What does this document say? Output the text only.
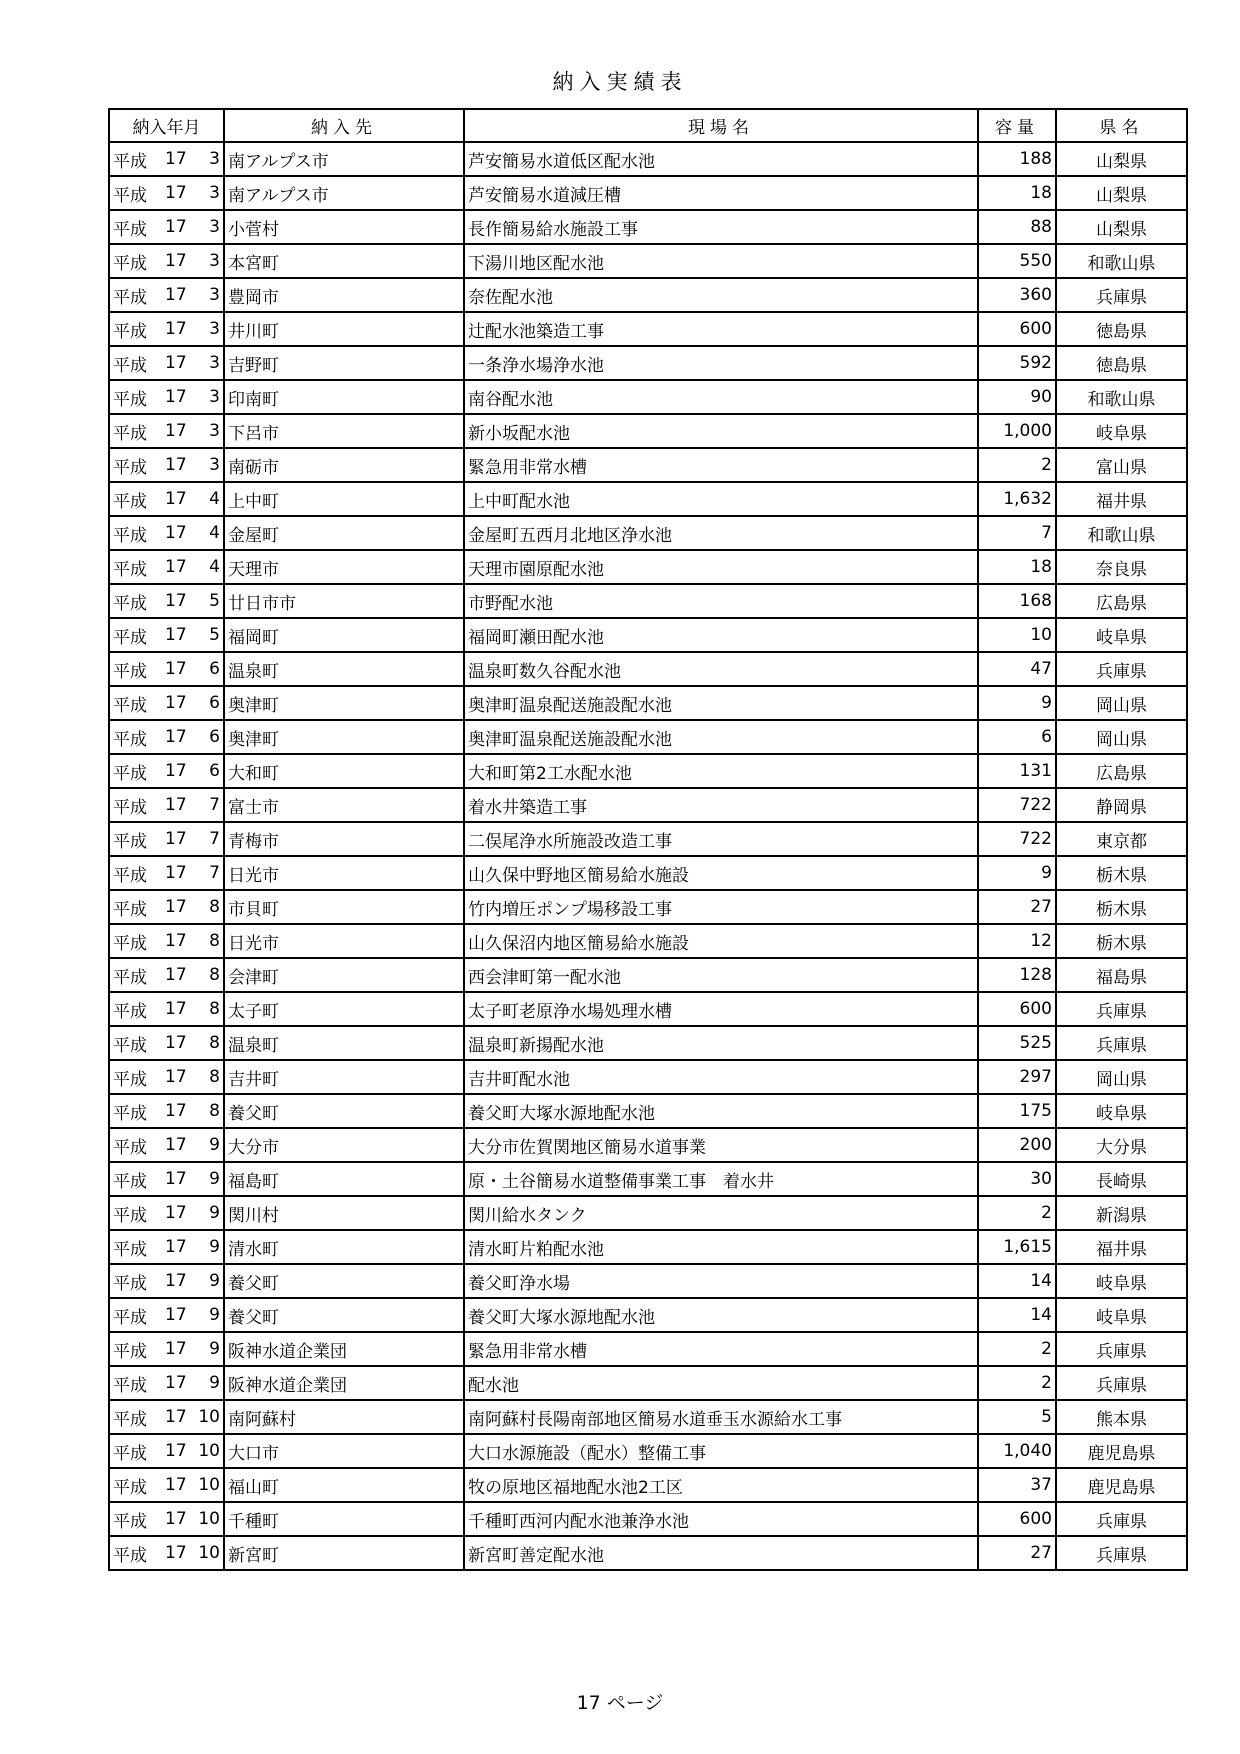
納入実績表
納入年月	納入先	現場名	容量	県名

平成 17 3	南アルプス市	芦安簡易水道低区配水池	188	山梨県

平成 17 3	南アルプス市	芦安簡易水道減圧槽	18	山梨県

平成 17 3	小菅村	長作簡易給水施設工事	88	山梨県

平成 17 3	本宮町	下湯川地区配水池	550	和歌山県

平成 17 3	豊岡市	奈佐配水池	360	兵庫県

平成 17 3	井川町	辻配水池築造工事	600	徳島県

平成 17 3	吉野町	一条浄水場浄水池	592	徳島県

平成 17 3	印南町	南谷配水池	90	和歌山県

平成 17 3	下呂市	新小坂配水池	1,000	岐阜県

平成 17 3	南砺市	緊急用非常水槽	2	富山県

平成 17 4	上中町	上中町配水池	1,632	福井県

平成 17 4	金屋町	金屋町五西月北地区浄水池	7	和歌山県

平成 17 4	天理市	天理市園原配水池	18	奈良県

平成 17 5	廿日市市	市野配水池	168	広島県

平成 17 5	福岡町	福岡町瀬田配水池	10	岐阜県

平成 17 6	温泉町	温泉町数久谷配水池	47	兵庫県

平成 17 6	奥津町	奥津町温泉配送施設配水池	9	岡山県

平成 17 6	奥津町	奥津町温泉配送施設配水池	6	岡山県

平成 17 6	大和町	大和町第2工水配水池	131	広島県

平成 17 7	富士市	着水井築造工事	722	静岡県

平成 17 7	青梅市	二俣尾浄水所施設改造工事	722	東京都

平成 17 7	日光市	山久保中野地区簡易給水施設	9	栃木県

平成 17 8	市貝町	竹内増圧ポンプ場移設工事	27	栃木県

平成 17 8	日光市	山久保沼内地区簡易給水施設	12	栃木県

平成 17 8	会津町	西会津町第一配水池	128	福島県

平成 17 8	太子町	太子町老原浄水場処理水槽	600	兵庫県

平成 17 8	温泉町	温泉町新揚配水池	525	兵庫県

平成 17 8	吉井町	吉井町配水池	297	岡山県

平成 17 8	養父町	養父町大塚水源地配水池	175	岐阜県

平成 17 9	大分市	大分市佐賀関地区簡易水道事業	200	大分県

平成 17 9	福島町	原・土谷簡易水道整備事業工事　着水井	30	長崎県

平成 17 9	関川村	関川給水タンク	2	新潟県

平成 17 9	清水町	清水町片粕配水池	1,615	福井県

平成 17 9	養父町	養父町浄水場	14	岐阜県

平成 17 9	養父町	養父町大塚水源地配水池	14	岐阜県

平成 17 9	阪神水道企業団	緊急用非常水槽	2	兵庫県

平成 17 9	阪神水道企業団	配水池	2	兵庫県

平成 17 10	南阿蘇村	南阿蘇村長陽南部地区簡易水道垂玉水源給水工事	5	熊本県

平成 17 10	大口市	大口水源施設（配水）整備工事	1,040	鹿児島県

平成 17 10	福山町	牧の原地区福地配水池2工区	37	鹿児島県

平成 17 10	千種町	千種町西河内配水池兼浄水池	600	兵庫県

平成 17 10	新宮町	新宮町善定配水池	27	兵庫県
17 ページ
